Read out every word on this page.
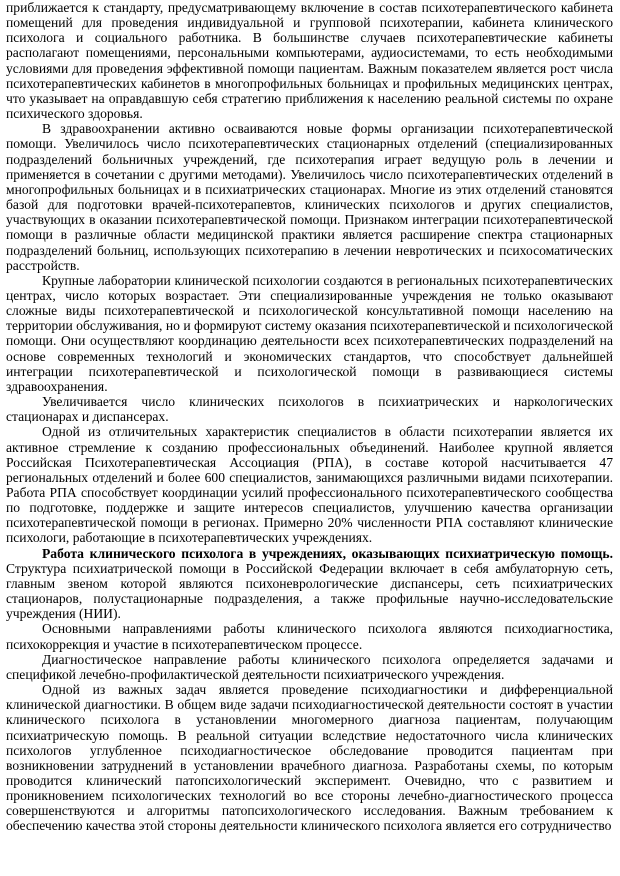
приближается к стандарту, предусматривающему включение в состав психотерапевтического кабинета помещений для проведения индивидуальной и групповой психотерапии, кабинета клинического психолога и социального работника. В большинстве случаев психотерапевтические кабинеты располагают помещениями, персональными компьютерами, аудиосистемами, то есть необходимыми условиями для проведения эффективной помощи пациентам. Важным показателем является рост числа психотерапевтических кабинетов в многопрофильных больницах и профильных медицинских центрах, что указывает на оправдавшую себя стратегию приближения к населению реальной системы по охране психического здоровья.

В здравоохранении активно осваиваются новые формы организации психотерапевтической помощи. Увеличилось число психотерапевтических стационарных отделений (специализированных подразделений больничных учреждений, где психотерапия играет ведущую роль в лечении и применяется в сочетании с другими методами). Увеличилось число психотерапевтических отделений в многопрофильных больницах и в психиатрических стационарах. Многие из этих отделений становятся базой для подготовки врачей-психотерапевтов, клинических психологов и других специалистов, участвующих в оказании психотерапевтической помощи. Признаком интеграции психотерапевтической помощи в различные области медицинской практики является расширение спектра стационарных подразделений больниц, использующих психотерапию в лечении невротических и психосоматических расстройств.

Крупные лаборатории клинической психологии создаются в региональных психотерапевтических центрах, число которых возрастает. Эти специализированные учреждения не только оказывают сложные виды психотерапевтической и психологической консультативной помощи населению на территории обслуживания, но и формируют систему оказания психотерапевтической и психологической помощи. Они осуществляют координацию деятельности всех психотерапевтических подразделений на основе современных технологий и экономических стандартов, что способствует дальнейшей интеграции психотерапевтической и психологической помощи в развивающиеся системы здравоохранения.

Увеличивается число клинических психологов в психиатрических и наркологических стационарах и диспансерах.

Одной из отличительных характеристик специалистов в области психотерапии является их активное стремление к созданию профессиональных объединений. Наиболее крупной является Российская Психотерапевтическая Ассоциация (РПА), в составе которой насчитывается 47 региональных отделений и более 600 специалистов, занимающихся различными видами психотерапии. Работа РПА способствует координации усилий профессионального психотерапевтического сообщества по подготовке, поддержке и защите интересов специалистов, улучшению качества организации психотерапевтической помощи в регионах. Примерно 20% численности РПА составляют клинические психологи, работающие в психотерапевтических учреждениях.

Работа клинического психолога в учреждениях, оказывающих психиатрическую помощь. Структура психиатрической помощи в Российской Федерации включает в себя амбулаторную сеть, главным звеном которой являются психоневрологические диспансеры, сеть психиатрических стационаров, полустационарные подразделения, а также профильные научно-исследовательские учреждения (НИИ).

Основными направлениями работы клинического психолога являются психодиагностика, психокоррекция и участие в психотерапевтическом процессе.

Диагностическое направление работы клинического психолога определяется задачами и спецификой лечебно-профилактической деятельности психиатрического учреждения.

Одной из важных задач является проведение психодиагностики и дифференциальной клинической диагностики. В общем виде задачи психодиагностической деятельности состоят в участии клинического психолога в установлении многомерного диагноза пациентам, получающим психиатрическую помощь. В реальной ситуации вследствие недостаточного числа клинических психологов углубленное психодиагностическое обследование проводится пациентам при возникновении затруднений в установлении врачебного диагноза. Разработаны схемы, по которым проводится клинический патопсихологический эксперимент. Очевидно, что с развитием и проникновением психологических технологий во все стороны лечебно-диагностического процесса совершенствуются и алгоритмы патопсихологического исследования. Важным требованием к обеспечению качества этой стороны деятельности клинического психолога является его сотрудничество
